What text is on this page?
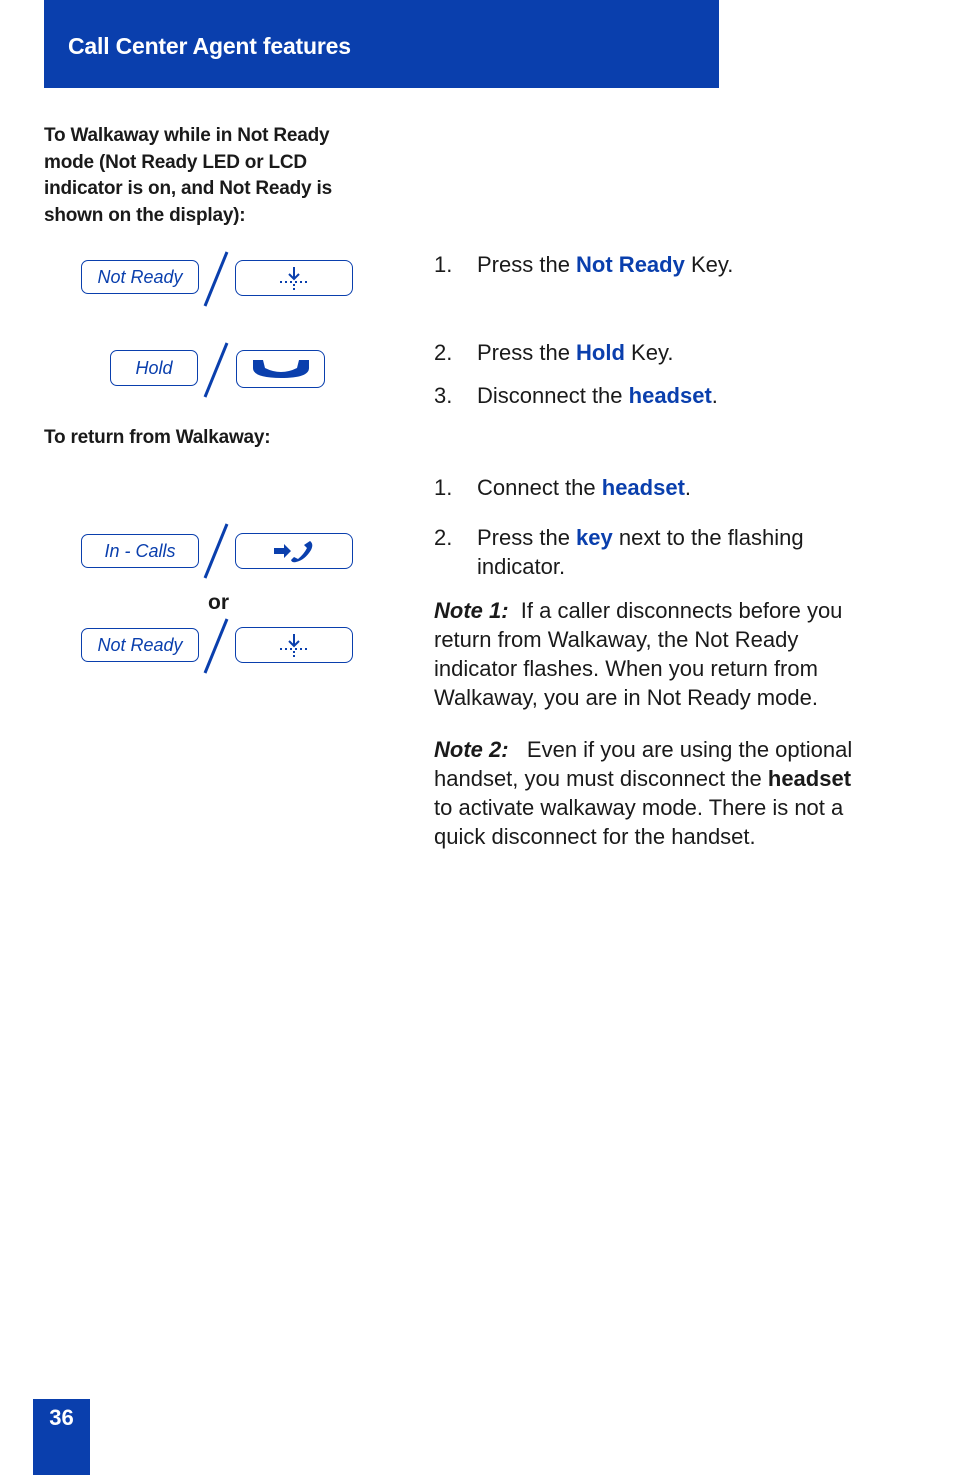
Call Center Agent features
To Walkaway while in Not Ready mode (Not Ready LED or LCD indicator is on, and Not Ready is shown on the display):
Not Ready
Hold
To return from Walkaway:
In - Calls
or
Not Ready
1. Press the Not Ready Key.
2. Press the Hold Key.
3. Disconnect the headset.
1. Connect the headset.
2. Press the key next to the flashing indicator.
Note 1: If a caller disconnects before you return from Walkaway, the Not Ready indicator flashes. When you return from Walkaway, you are in Not Ready mode.
Note 2: Even if you are using the optional handset, you must disconnect the headset to activate walkaway mode. There is not a quick disconnect for the handset.
36
